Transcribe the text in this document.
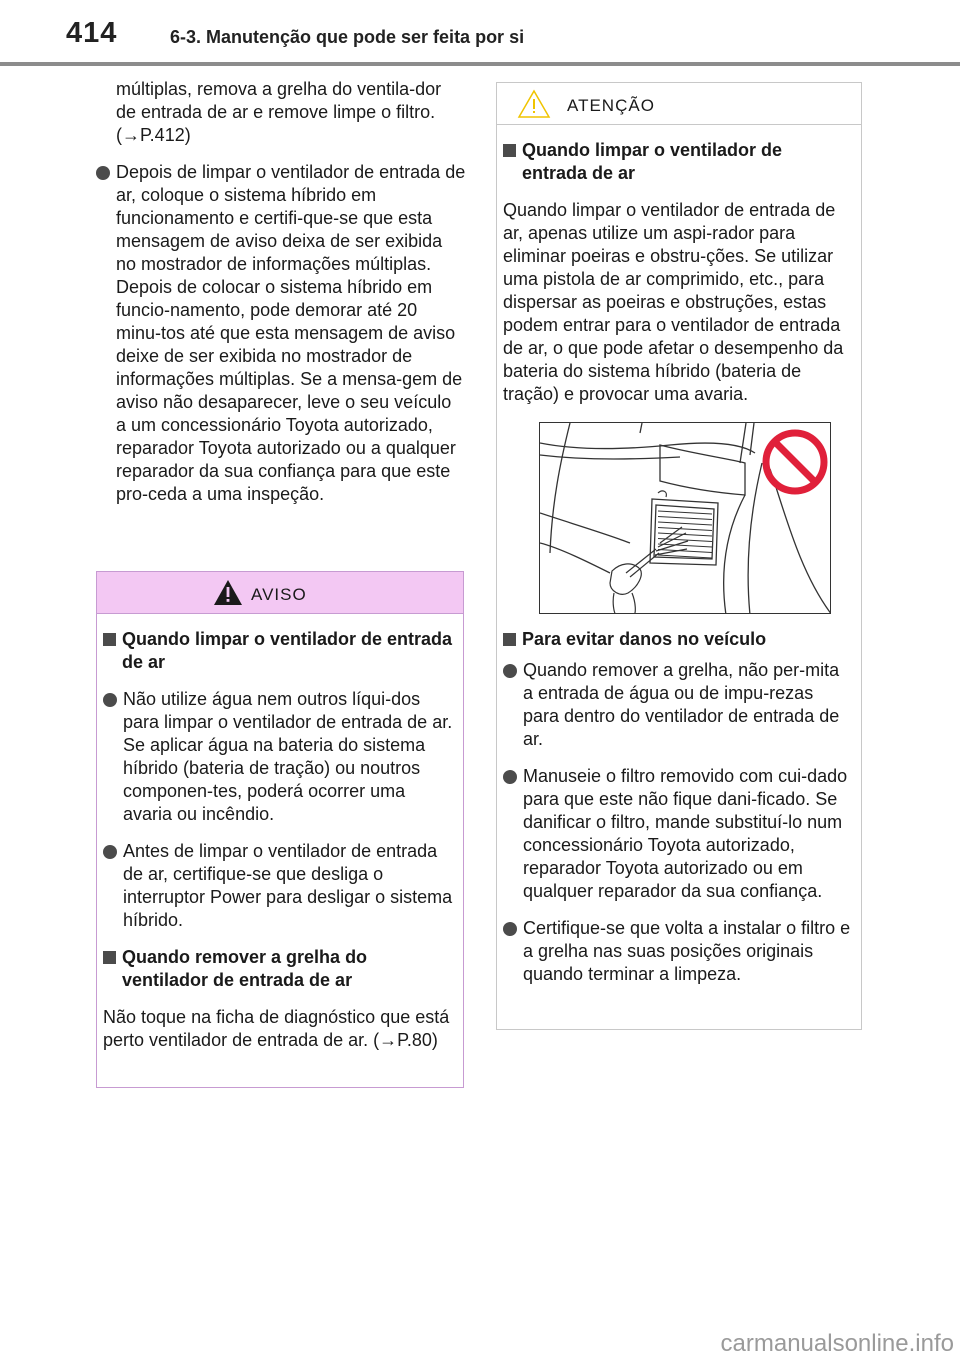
414	6-3. Manutenção que pode ser feita por si

múltiplas, remova a grelha do ventila-dor de entrada de ar e remove limpe o filtro. (→P.412)

Depois de limpar o ventilador de entrada de ar, coloque o sistema híbrido em funcionamento e certifi-que-se que esta mensagem de aviso deixa de ser exibida no mostrador de informações múltiplas. Depois de colocar o sistema híbrido em funcio-namento, pode demorar até 20 minu-tos até que esta mensagem de aviso deixe de ser exibida no mostrador de informações múltiplas. Se a mensa-gem de aviso não desaparecer, leve o seu veículo a um concessionário Toyota autorizado, reparador Toyota autorizado ou a qualquer reparador da sua confiança para que este pro-ceda a uma inspeção.
AVISO
Quando limpar o ventilador de entrada de ar
Não utilize água nem outros líqui-dos para limpar o ventilador de entrada de ar. Se aplicar água na bateria do sistema híbrido (bateria de tração) ou noutros componen-tes, poderá ocorrer uma avaria ou incêndio.
Antes de limpar o ventilador de entrada de ar, certifique-se que desliga o interruptor Power para desligar o sistema híbrido.
Quando remover a grelha do ventilador de entrada de ar

Não toque na ficha de diagnóstico que está perto ventilador de entrada de ar. (→P.80)

ATENÇÃO
Quando limpar o ventilador de entrada de ar

Quando limpar o ventilador de entrada de ar, apenas utilize um aspi-rador para eliminar poeiras e obstru-ções. Se utilizar uma pistola de ar comprimido, etc., para dispersar as poeiras e obstruções, estas podem entrar para o ventilador de entrada de ar, o que pode afetar o desempenho da bateria do sistema híbrido (bateria de tração) e provocar uma avaria.

Para evitar danos no veículo
Quando remover a grelha, não per-mita a entrada de água ou de impu-rezas para dentro do ventilador de entrada de ar.
Manuseie o filtro removido com cui-dado para que este não fique dani-ficado. Se danificar o filtro, mande substituí-lo num concessionário Toyota autorizado, reparador Toyota autorizado ou em qualquer reparador da sua confiança.
Certifique-se que volta a instalar o filtro e a grelha nas suas posições originais quando terminar a limpeza.
carmanualsonline.info
